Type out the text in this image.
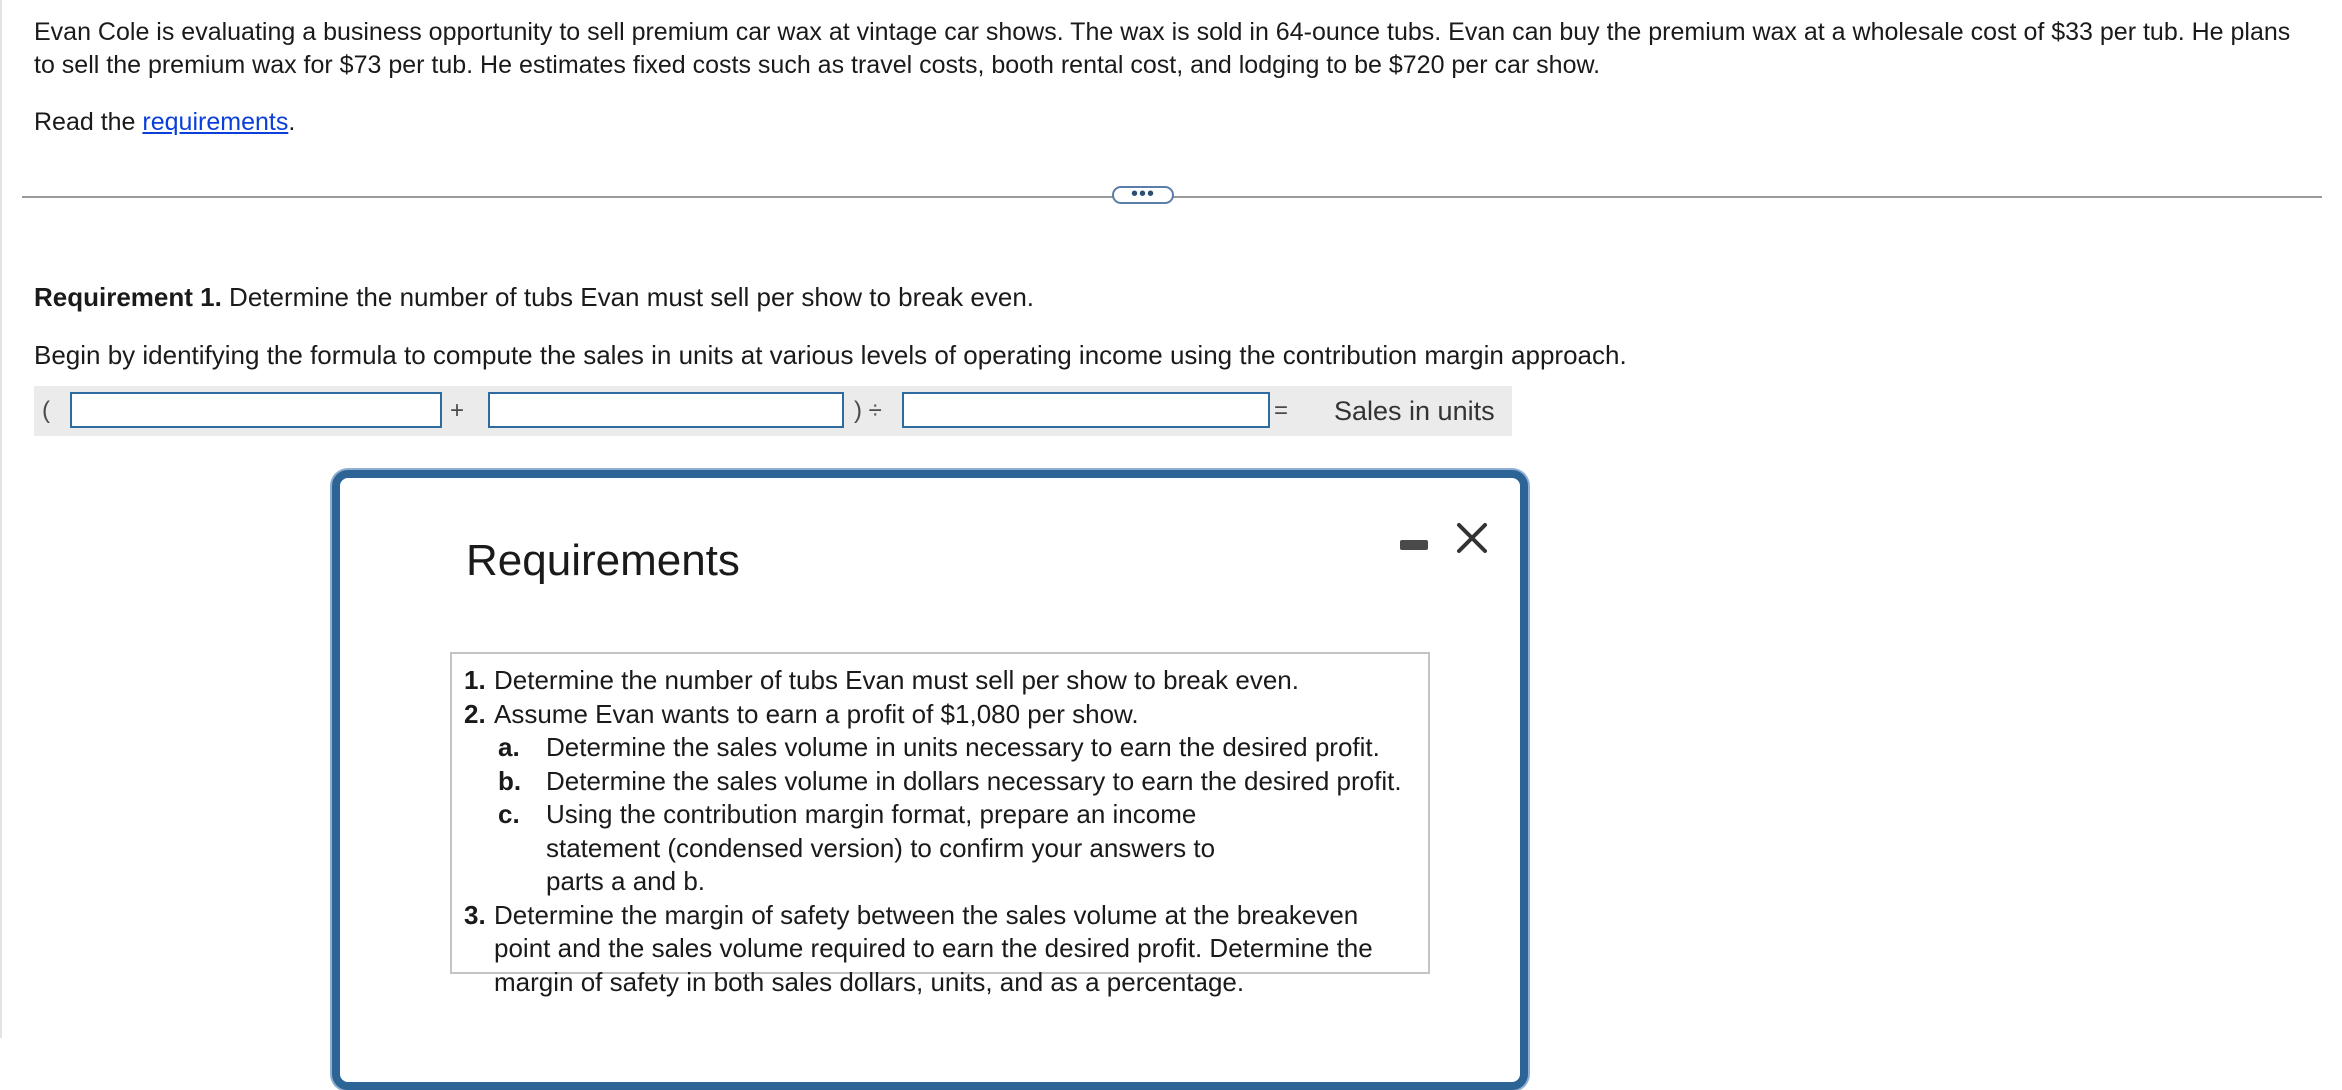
Evan Cole is evaluating a business opportunity to sell premium car wax at vintage car shows. The wax is sold in 64-ounce tubs. Evan can buy the premium wax at a wholesale cost of $33 per tub. He plans to sell the premium wax for $73 per tub. He estimates fixed costs such as travel costs, booth rental cost, and lodging to be $720 per car show.

Read the requirements.

•••

Requirement 1. Determine the number of tubs Evan must sell per show to break even.

Begin by identifying the formula to compute the sales in units at various levels of operating income using the contribution margin approach.

(	+	) ÷	= Sales in units
Requirements
1. Determine the number of tubs Evan must sell per show to break even.
2. Assume Evan wants to earn a profit of $1,080 per show.
a. Determine the sales volume in units necessary to earn the desired profit.
b. Determine the sales volume in dollars necessary to earn the desired profit.
c. Using the contribution margin format, prepare an income statement (condensed version) to confirm your answers to parts a and b.
3. Determine the margin of safety between the sales volume at the breakeven point and the sales volume required to earn the desired profit. Determine the margin of safety in both sales dollars, units, and as a percentage.
